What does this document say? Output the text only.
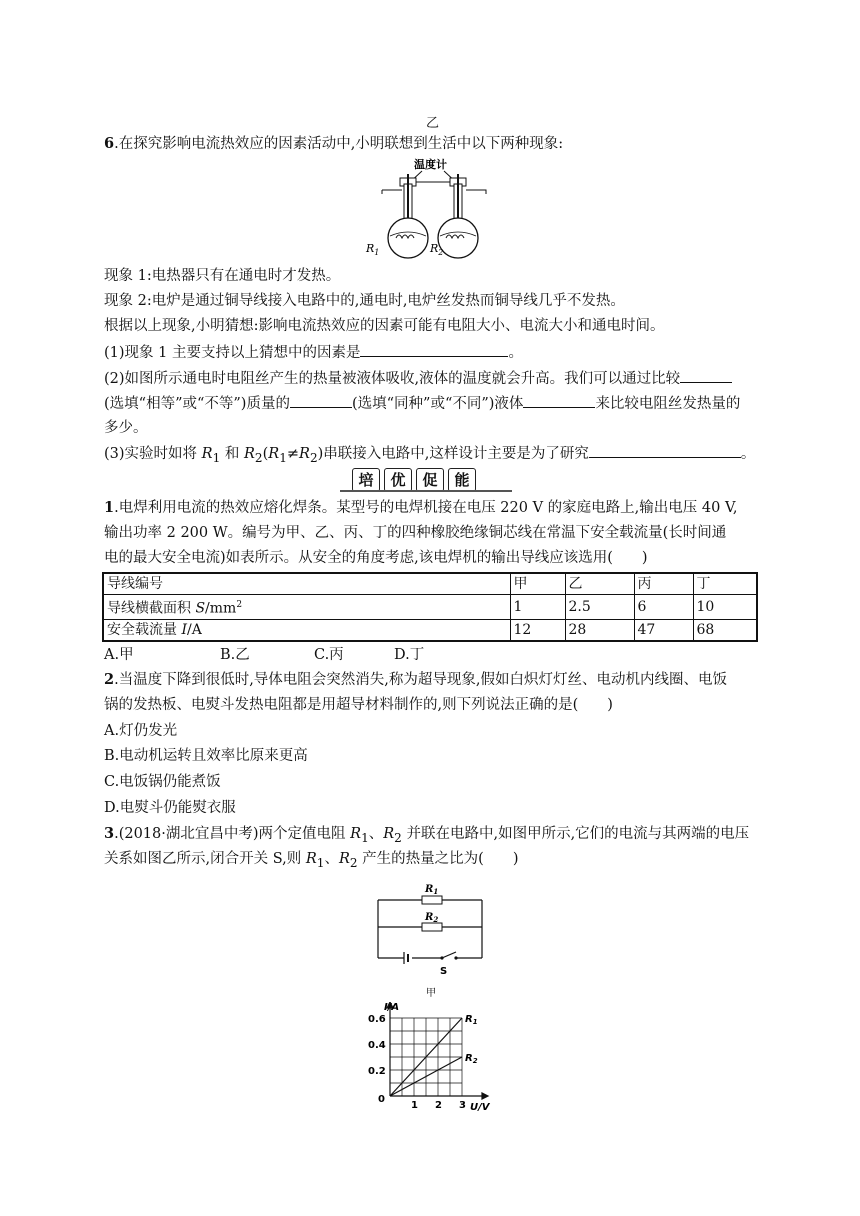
乙
6.在探究影响电流热效应的因素活动中,小明联想到生活中以下两种现象:
温度计
$R_1$	$R_2$
现象 1:电热器只有在通电时才发热。
现象 2:电炉是通过铜导线接入电路中的,通电时,电炉丝发热而铜导线几乎不发热。
根据以上现象,小明猜想:影响电流热效应的因素可能有电阻大小、电流大小和通电时间。
(1)现象 1 主要支持以上猜想中的因素是	。
(2)如图所示通电时电阻丝产生的热量被液体吸收,液体的温度就会升高。我们可以通过比较
(选填“相等”或“不等”)质量的	(选填“同种”或“不同”)液体	来比较电阻丝发热量的
多少。
(3)实验时如将 $R_1$ 和 $R_2(R_1\ne R_2)$串联接入电路中,这样设计主要是为了研究	。
培 优 促 能
1.电焊利用电流的热效应熔化焊条。某型号的电焊机接在电压 220 V 的家庭电路上,输出电压 40 V,
输出功率 2 200 W。编号为甲、乙、丙、丁的四种橡胶绝缘铜芯线在常温下安全载流量(长时间通
电的最大安全电流)如表所示。从安全的角度考虑,该电焊机的输出导线应该选用(　　)
导线编号	甲	乙	丙	丁
导线横截面积 $S/mm^2$	1	2.5	6	10
安全载流量 I/A	12	28	47	68
A.甲	B.乙	C.丙	D.丁
2.当温度下降到很低时,导体电阻会突然消失,称为超导现象,假如白炽灯灯丝、电动机内线圈、电饭
锅的发热板、电熨斗发热电阻都是用超导材料制作的,则下列说法正确的是(　　)
A.灯仍发光
B.电动机运转且效率比原来更高
C.电饭锅仍能煮饭
D.电熨斗仍能熨衣服
3.(2018·湖北宜昌中考)两个定值电阻 $R_1$、$R_2$ 并联在电路中,如图甲所示,它们的电流与其两端的电压
关系如图乙所示,闭合开关 S,则 $R_1$、$R_2$ 产生的热量之比为(　　)
$R_1$
$R_2$
S
甲
0.6
0.4
0.2
1 2 3
0
I/A
U/V
$R_1$
$R_2$
